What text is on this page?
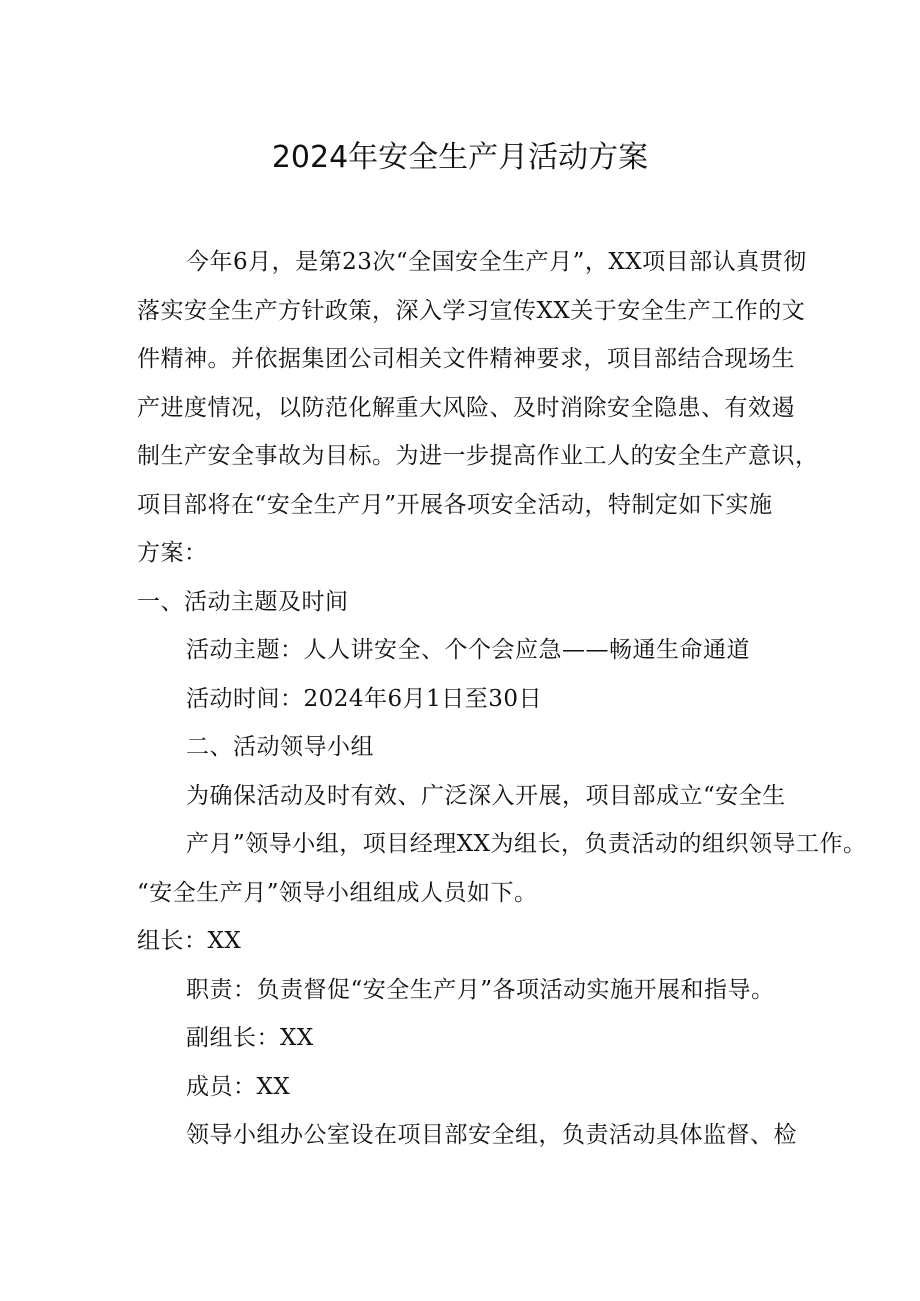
2024年安全生产月活动方案
今年6月，是第23次“全国安全生产月”，XX项目部认真贯彻
落实安全生产方针政策，深入学习宣传XX关于安全生产工作的文
件精神。并依据集团公司相关文件精神要求，项目部结合现场生
产进度情况，以防范化解重大风险、及时消除安全隐患、有效遏
制生产安全事故为目标。为进一步提高作业工人的安全生产意识，
项目部将在“安全生产月”开展各项安全活动，特制定如下实施
方案：
一、活动主题及时间
活动主题：人人讲安全、个个会应急——畅通生命通道
活动时间：2024年6月1日至30日
二、活动领导小组
为确保活动及时有效、广泛深入开展，项目部成立“安全生
产月”领导小组，项目经理XX为组长，负责活动的组织领导工作。
“安全生产月”领导小组组成人员如下。
组长：XX
职责：负责督促“安全生产月”各项活动实施开展和指导。
副组长：XX
成员：XX
领导小组办公室设在项目部安全组，负责活动具体监督、检
